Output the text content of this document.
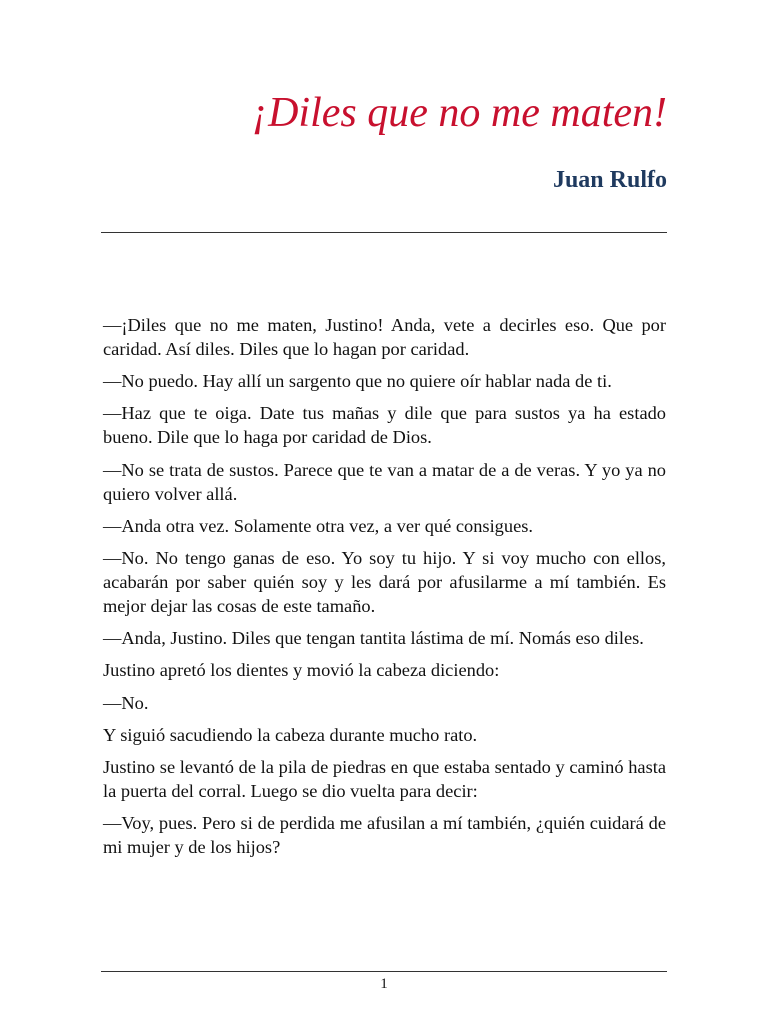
¡Diles que no me maten!
Juan Rulfo

—¡Diles que no me maten, Justino! Anda, vete a decirles eso. Que por caridad. Así diles. Diles que lo hagan por caridad.

—No puedo. Hay allí un sargento que no quiere oír hablar nada de ti.

—Haz que te oiga. Date tus mañas y dile que para sustos ya ha estado bueno. Dile que lo haga por caridad de Dios.

—No se trata de sustos. Parece que te van a matar de a de veras. Y yo ya no quiero volver allá.

—Anda otra vez. Solamente otra vez, a ver qué consigues.

—No. No tengo ganas de eso. Yo soy tu hijo. Y si voy mucho con ellos, acabarán por saber quién soy y les dará por afusilarme a mí también. Es mejor dejar las cosas de este tamaño.

—Anda, Justino. Diles que tengan tantita lástima de mí. Nomás eso diles.

Justino apretó los dientes y movió la cabeza diciendo:

—No.

Y siguió sacudiendo la cabeza durante mucho rato.

Justino se levantó de la pila de piedras en que estaba sentado y caminó hasta la puerta del corral. Luego se dio vuelta para decir:

—Voy, pues. Pero si de perdida me afusilan a mí también, ¿quién cuidará de mi mujer y de los hijos?

1
